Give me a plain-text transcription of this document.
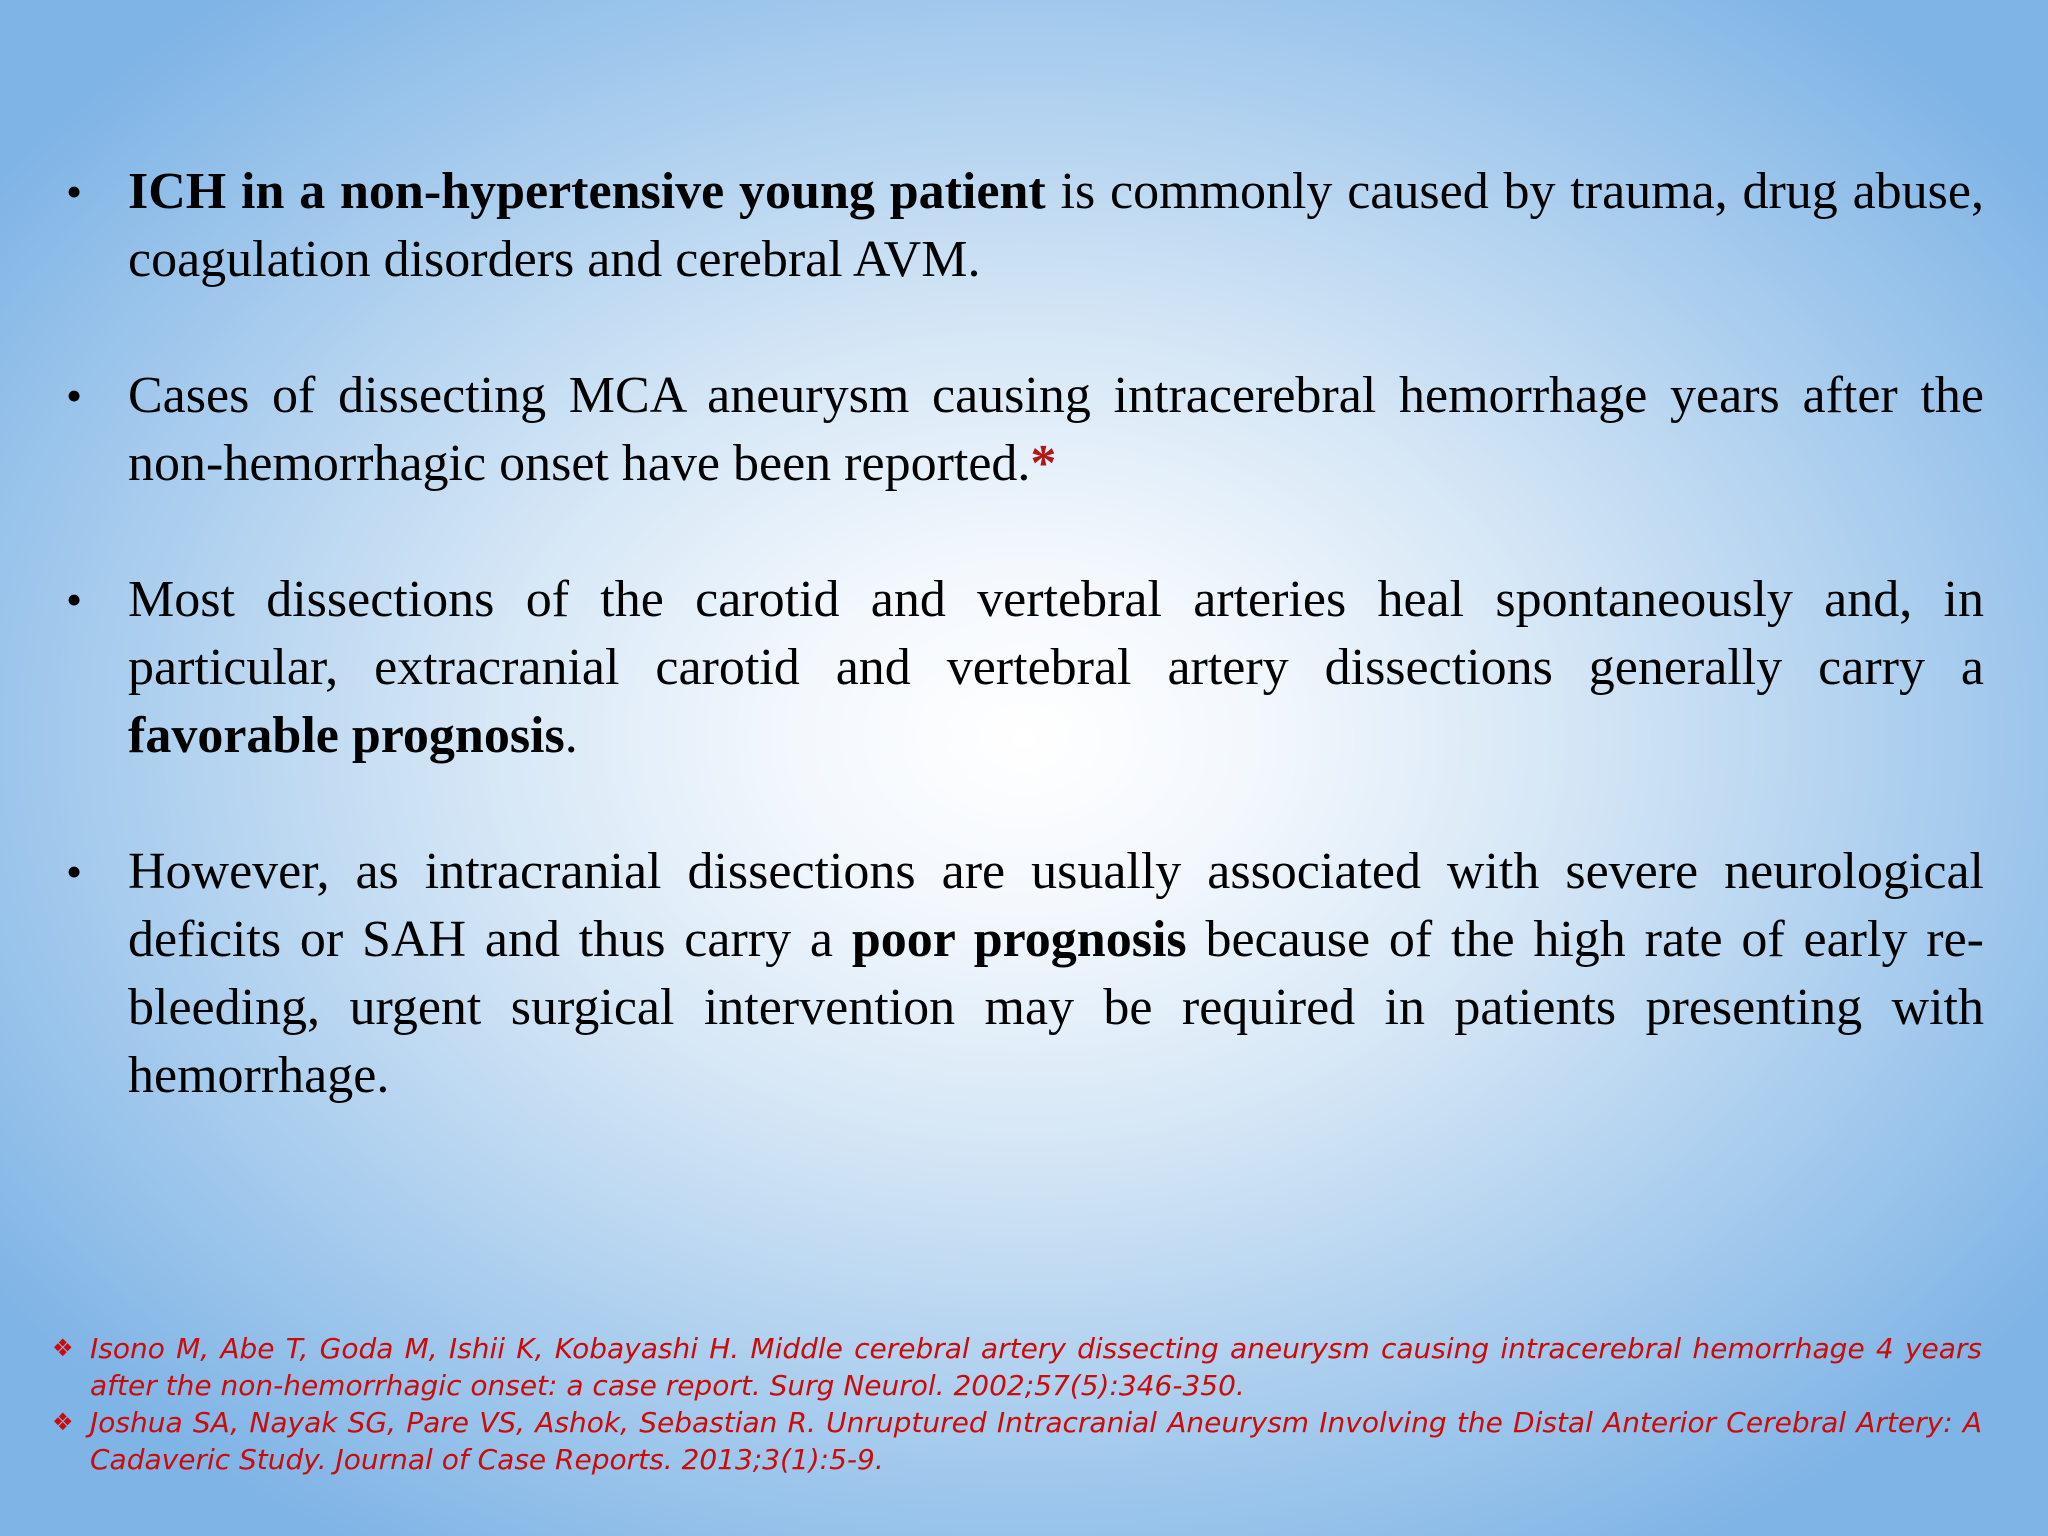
• ICH in a non-hypertensive young patient is commonly caused by trauma, drug abuse, coagulation disorders and cerebral AVM.
• Cases of dissecting MCA aneurysm causing intracerebral hemorrhage years after the non-hemorrhagic onset have been reported.*
• Most dissections of the carotid and vertebral arteries heal spontaneously and, in particular, extracranial carotid and vertebral artery dissections generally carry a favorable prognosis.
• However, as intracranial dissections are usually associated with severe neurological deficits or SAH and thus carry a poor prognosis because of the high rate of early re-bleeding, urgent surgical intervention may be required in patients presenting with hemorrhage.
❖ Isono M, Abe T, Goda M, Ishii K, Kobayashi H. Middle cerebral artery dissecting aneurysm causing intracerebral hemorrhage 4 years after the non-hemorrhagic onset: a case report. Surg Neurol. 2002;57(5):346-350.
❖ Joshua SA, Nayak SG, Pare VS, Ashok, Sebastian R. Unruptured Intracranial Aneurysm Involving the Distal Anterior Cerebral Artery: A Cadaveric Study. Journal of Case Reports. 2013;3(1):5-9.
